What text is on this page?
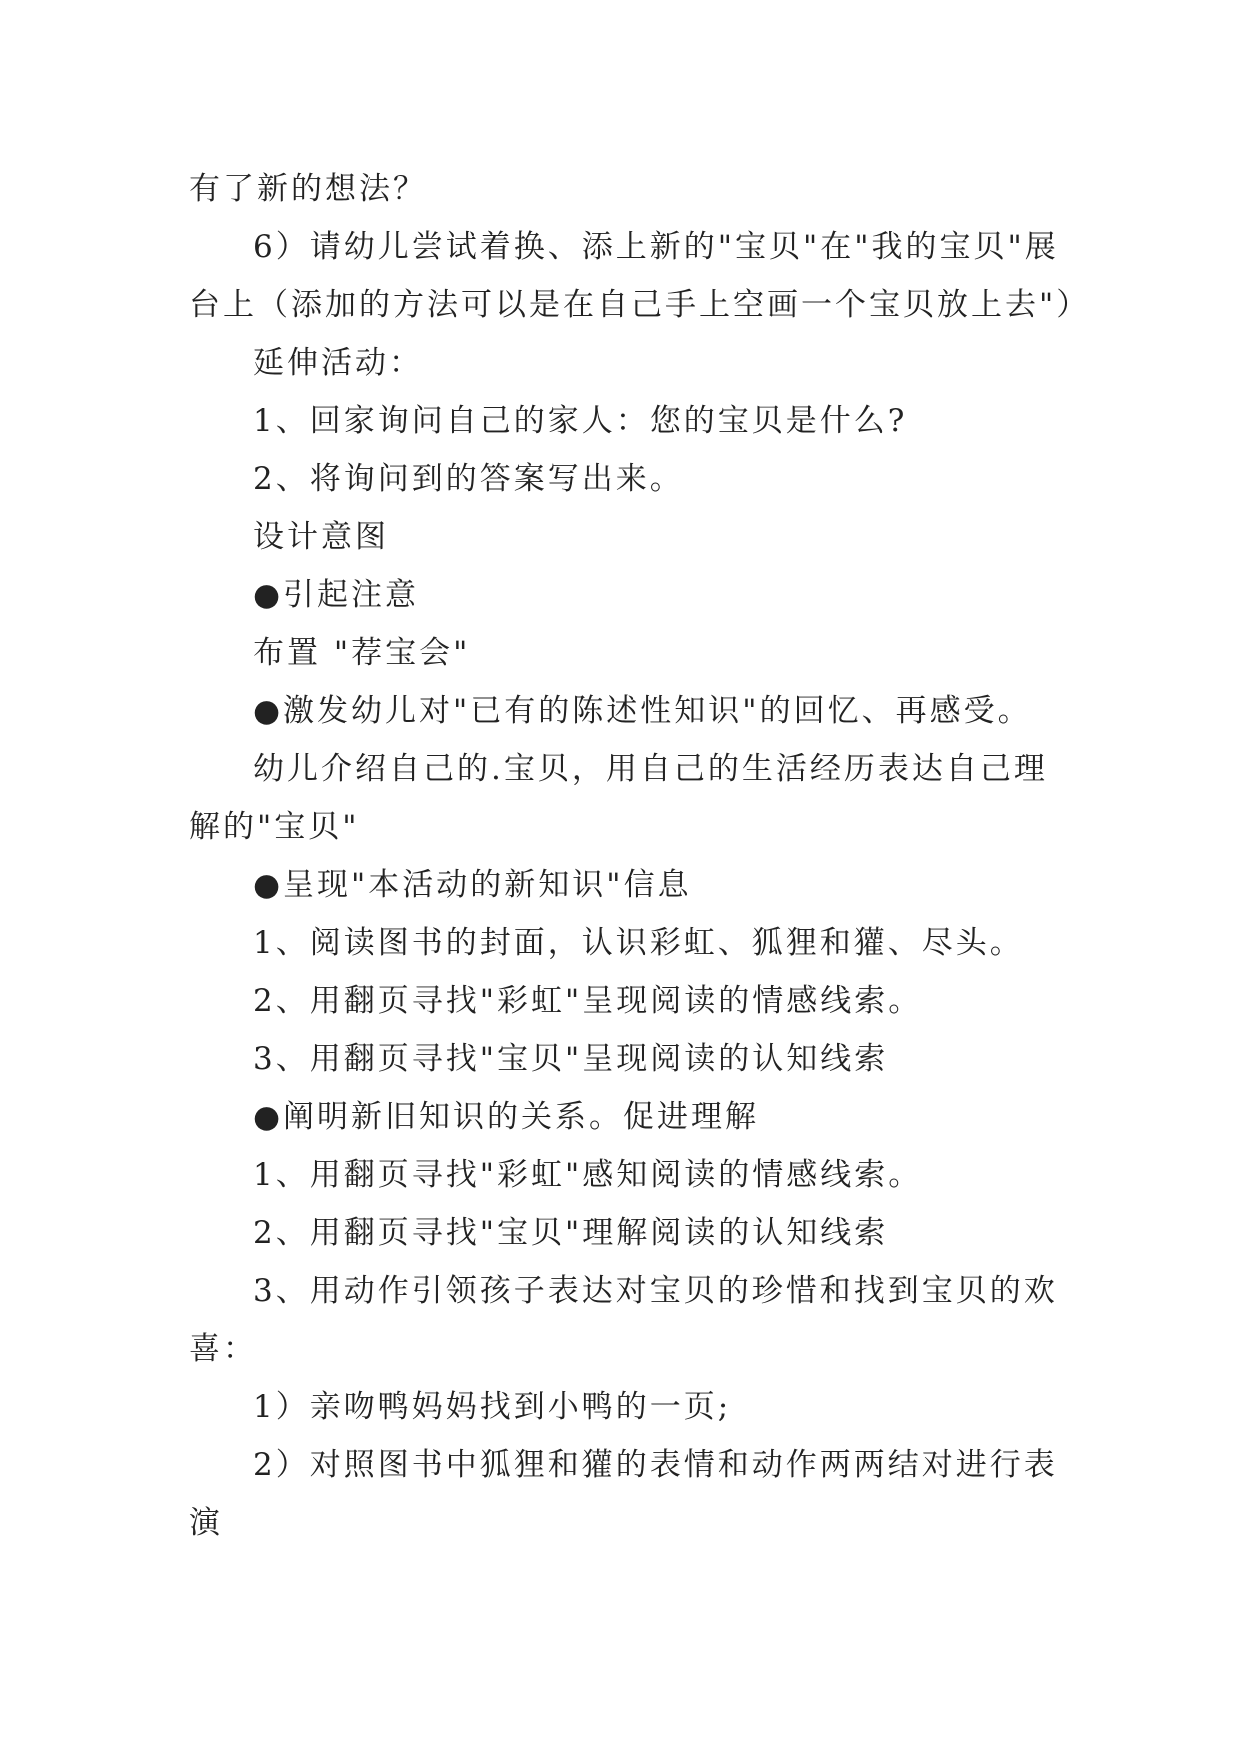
有了新的想法？
6）请幼儿尝试着换、添上新的"宝贝"在"我的宝贝"展
台上（添加的方法可以是在自己手上空画一个宝贝放上去"）
延伸活动：
1、回家询问自己的家人：您的宝贝是什么?
2、将询问到的答案写出来。
设计意图
●引起注意
布置 "荐宝会"
●激发幼儿对"已有的陈述性知识"的回忆、再感受。
幼儿介绍自己的.宝贝，用自己的生活经历表达自己理
解的"宝贝"
●呈现"本活动的新知识"信息
1、阅读图书的封面，认识彩虹、狐狸和獾、尽头。
2、用翻页寻找"彩虹"呈现阅读的情感线索。
3、用翻页寻找"宝贝"呈现阅读的认知线索
●阐明新旧知识的关系。促进理解
1、用翻页寻找"彩虹"感知阅读的情感线索。
2、用翻页寻找"宝贝"理解阅读的认知线索
3、用动作引领孩子表达对宝贝的珍惜和找到宝贝的欢
喜：
1）亲吻鸭妈妈找到小鸭的一页;
2）对照图书中狐狸和獾的表情和动作两两结对进行表
演
